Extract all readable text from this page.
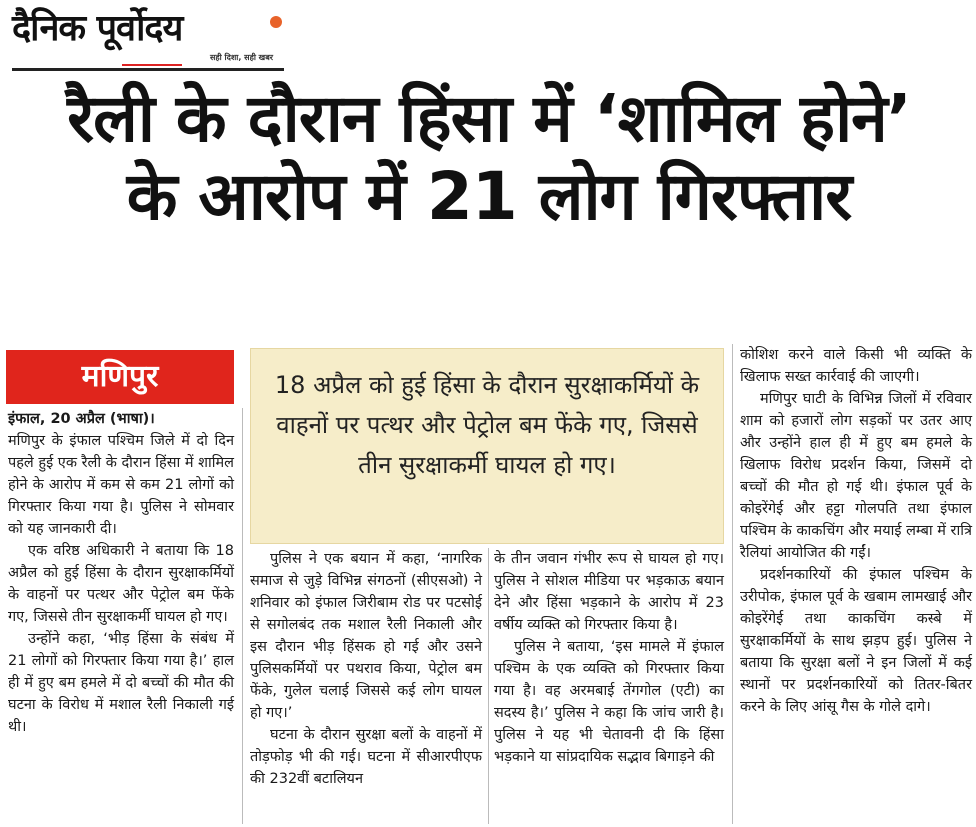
दैनिक पूर्वोदय
सही दिशा, सही खबर
रैली के दौरान हिंसा में ‘शामिल होने’
के आरोप में 21 लोग गिरफ्तार
मणिपुर	18 अप्रैल को हुई हिंसा के दौरान सुरक्षाकर्मियों के वाहनों पर पत्थर और पेट्रोल बम फेंके गए, जिससे तीन सुरक्षाकर्मी घायल हो गए।

इंफाल, 20 अप्रैल (भाषा)।

मणिपुर के इंफाल पश्चिम जिले में दो दिन पहले हुई एक रैली के दौरान हिंसा में शामिल होने के आरोप में कम से कम 21 लोगों को गिरफ्तार किया गया है। पुलिस ने सोमवार को यह जानकारी दी।

एक वरिष्ठ अधिकारी ने बताया कि 18 अप्रैल को हुई हिंसा के दौरान सुरक्षाकर्मियों के वाहनों पर पत्थर और पेट्रोल बम फेंके गए, जिससे तीन सुरक्षाकर्मी घायल हो गए।

उन्होंने कहा, ‘भीड़ हिंसा के संबंध में 21 लोगों को गिरफ्तार किया गया है।’ हाल ही में हुए बम हमले में दो बच्चों की मौत की घटना के विरोध में मशाल रैली निकाली गई थी।

पुलिस ने एक बयान में कहा, ‘नागरिक समाज से जुड़े विभिन्न संगठनों (सीएसओ) ने शनिवार को इंफाल जिरीबाम रोड पर पटसोई से सगोलबंद तक मशाल रैली निकाली और इस दौरान भीड़ हिंसक हो गई और उसने पुलिसकर्मियों पर पथराव किया, पेट्रोल बम फेंके, गुलेल चलाई जिससे कई लोग घायल हो गए।’

घटना के दौरान सुरक्षा बलों के वाहनों में तोड़फोड़ भी की गई। घटना में सीआरपीएफ की 232वीं बटालियन

के तीन जवान गंभीर रूप से घायल हो गए। पुलिस ने सोशल मीडिया पर भड़काऊ बयान देने और हिंसा भड़काने के आरोप में 23 वर्षीय व्यक्ति को गिरफ्तार किया है।

पुलिस ने बताया, ‘इस मामले में इंफाल पश्चिम के एक व्यक्ति को गिरफ्तार किया गया है। वह अरमबाई तेंगगोल (एटी) का सदस्य है।’ पुलिस ने कहा कि जांच जारी है। पुलिस ने यह भी चेतावनी दी कि हिंसा भड़काने या सांप्रदायिक सद्भाव बिगाड़ने की

कोशिश करने वाले किसी भी व्यक्ति के खिलाफ सख्त कार्रवाई की जाएगी।

मणिपुर घाटी के विभिन्न जिलों में रविवार शाम को हजारों लोग सड़कों पर उतर आए और उन्होंने हाल ही में हुए बम हमले के खिलाफ विरोध प्रदर्शन किया, जिसमें दो बच्चों की मौत हो गई थी। इंफाल पूर्व के कोइरेंगेई और हट्टा गोलपति तथा इंफाल पश्चिम के काकचिंग और मयाई लम्बा में रात्रि रैलियां आयोजित की गईं।

प्रदर्शनकारियों की इंफाल पश्चिम के उरीपोक, इंफाल पूर्व के खबाम लामखाई और कोइरेंगेई तथा काकचिंग कस्बे में सुरक्षाकर्मियों के साथ झड़प हुई। पुलिस ने बताया कि सुरक्षा बलों ने इन जिलों में कई स्थानों पर प्रदर्शनकारियों को तितर-बितर करने के लिए आंसू गैस के गोले दागे।
